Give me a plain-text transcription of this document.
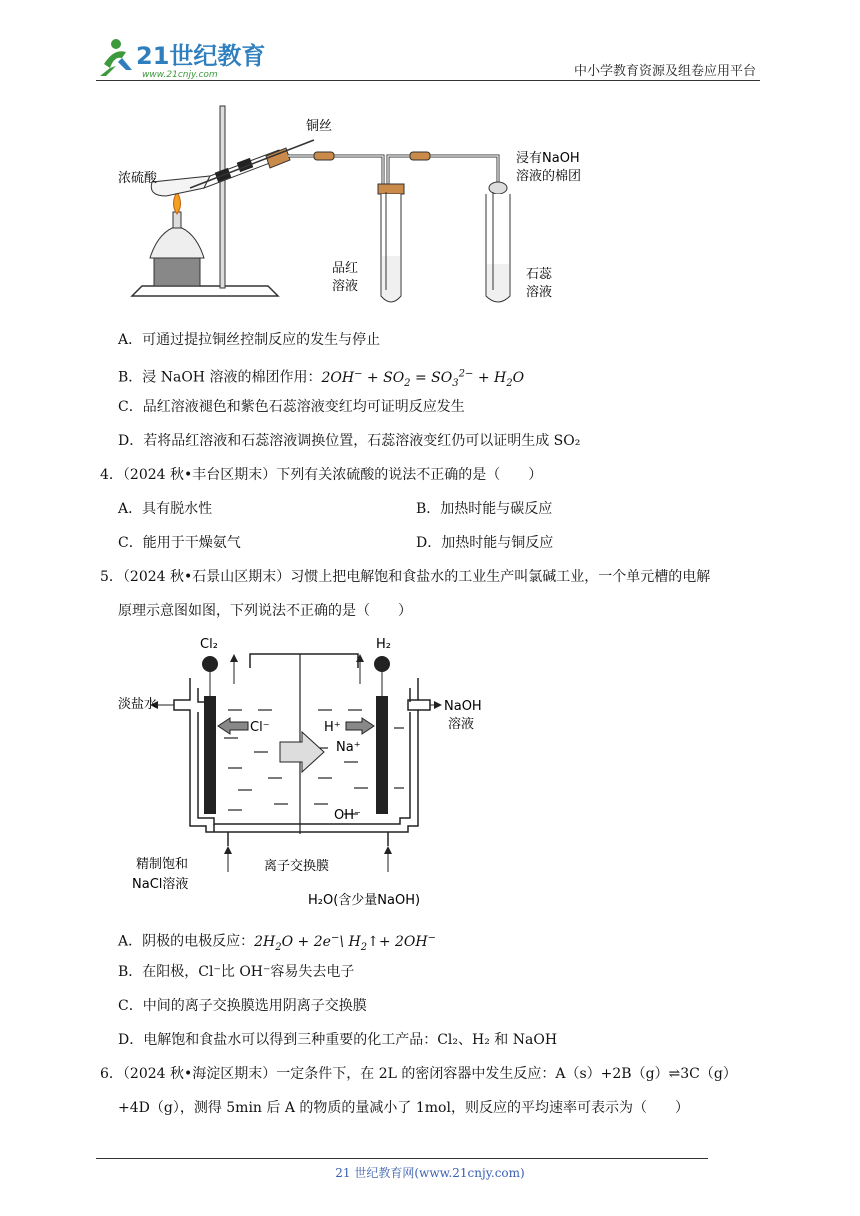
21世纪教育
www.21cnjy.com	中小学教育资源及组卷应用平台
铜丝
浓硫酸
浸有NaOH
溶液的棉团
品红
溶液
石蕊
溶液
A．可通过提拉铜丝控制反应的发生与停止
B．浸 NaOH 溶液的棉团作用：$2OH^- + SO_2 = SO_3^{2-} + H_2O$
C．品红溶液褪色和紫色石蕊溶液变红均可证明反应发生
D．若将品红溶液和石蕊溶液调换位置，石蕊溶液变红仍可以证明生成 SO₂
4．（2024 秋•丰台区期末）下列有关浓硫酸的说法不正确的是（　　）
A．具有脱水性	B．加热时能与碳反应
C．能用于干燥氨气	D．加热时能与铜反应
5．（2024 秋•石景山区期末）习惯上把电解饱和食盐水的工业生产叫氯碱工业，一个单元槽的电解
原理示意图如图，下列说法不正确的是（　　）
Cl₂	H₂
淡盐水	NaOH
溶液
Cl⁻	H⁺
Na⁺
OH⁻
精制饱和
NaCl溶液
离子交换膜
H₂O(含少量NaOH)
A．阴极的电极反应：$2H_2O$ + 2e−\ $H_2↑+ 2OH^-$
B．在阳极，Cl⁻比 OH⁻容易失去电子
C．中间的离子交换膜选用阴离子交换膜
D．电解饱和食盐水可以得到三种重要的化工产品：Cl₂、H₂ 和 NaOH
6．（2024 秋•海淀区期末）一定条件下，在 2L 的密闭容器中发生反应：A（s）+2B（g）⇌3C（g）
+4D（g），测得 5min 后 A 的物质的量减小了 1mol，则反应的平均速率可表示为（　　）
21 世纪教育网(www.21cnjy.com)
